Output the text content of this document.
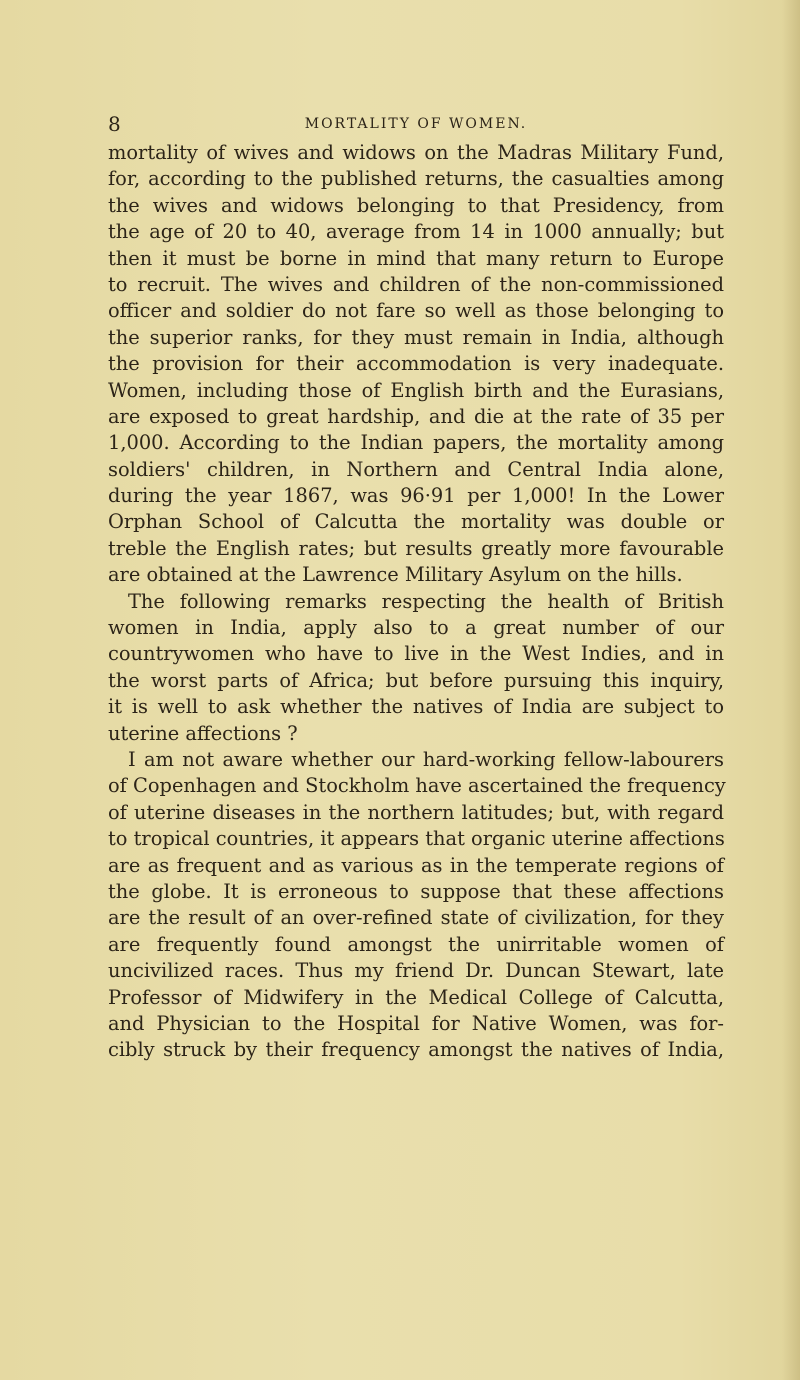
8	MORTALITY OF WOMEN.
mortality of wives and widows on the Madras Military Fund,
for, according to the published returns, the casualties among
the wives and widows belonging to that Presidency, from
the age of 20 to 40, average from 14 in 1000 annually; but
then it must be borne in mind that many return to Europe
to recruit. The wives and children of the non-commissioned
officer and soldier do not fare so well as those belonging to
the superior ranks, for they must remain in India, although
the provision for their accommodation is very inadequate.
Women, including those of English birth and the Eurasians,
are exposed to great hardship, and die at the rate of 35 per
1,000. According to the Indian papers, the mortality among
soldiers' children, in Northern and Central India alone,
during the year 1867, was 96·91 per 1,000! In the Lower
Orphan School of Calcutta the mortality was double or
treble the English rates; but results greatly more favourable
are obtained at the Lawrence Military Asylum on the hills.
The following remarks respecting the health of British
women in India, apply also to a great number of our
countrywomen who have to live in the West Indies, and in
the worst parts of Africa; but before pursuing this inquiry,
it is well to ask whether the natives of India are subject to
uterine affections ?
I am not aware whether our hard-working fellow-labourers
of Copenhagen and Stockholm have ascertained the frequency
of uterine diseases in the northern latitudes; but, with regard
to tropical countries, it appears that organic uterine affections
are as frequent and as various as in the temperate regions of
the globe. It is erroneous to suppose that these affections
are the result of an over-refined state of civilization, for they
are frequently found amongst the unirritable women of
uncivilized races. Thus my friend Dr. Duncan Stewart, late
Professor of Midwifery in the Medical College of Calcutta,
and Physician to the Hospital for Native Women, was for-
cibly struck by their frequency amongst the natives of India,
